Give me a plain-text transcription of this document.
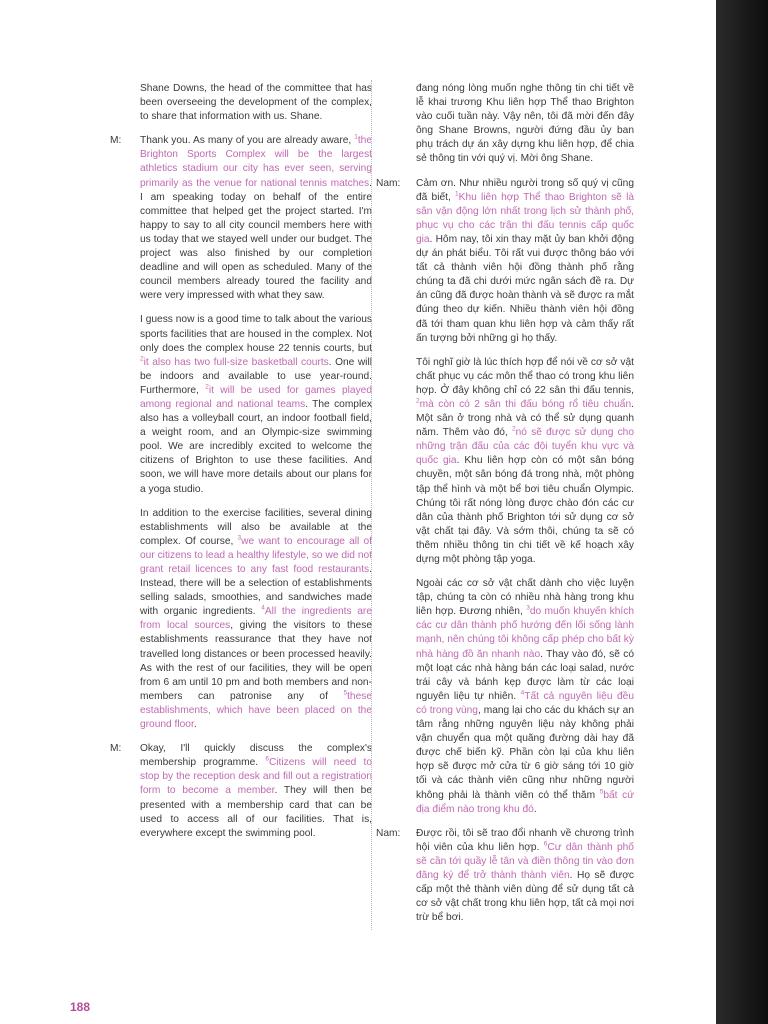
Shane Downs, the head of the committee that has been overseeing the development of the complex, to share that information with us. Shane.

M:	Thank you. As many of you are already aware, $^1$the Brighton Sports Complex will be the largest athletics stadium our city has ever seen, serving primarily as the venue for national tennis matches. I am speaking today on behalf of the entire committee that helped get the project started. I'm happy to say to all city council members here with us today that we stayed well under our budget. The project was also finished by our completion deadline and will open as scheduled. Many of the council members already toured the facility and were very impressed with what they saw.

I guess now is a good time to talk about the various sports facilities that are housed in the complex. Not only does the complex house 22 tennis courts, but $^2$it also has two full-size basketball courts. One will be indoors and available to use year-round. Furthermore, $^2$it will be used for games played among regional and national teams. The complex also has a volleyball court, an indoor football field, a weight room, and an Olympic-size swimming pool. We are incredibly excited to welcome the citizens of Brighton to use these facilities. And soon, we will have more details about our plans for a yoga studio.

In addition to the exercise facilities, several dining establishments will also be available at the complex. Of course, $^3$we want to encourage all of our citizens to lead a healthy lifestyle, so we did not grant retail licences to any fast food restaurants. Instead, there will be a selection of establishments selling salads, smoothies, and sandwiches made with organic ingredients. $^4$All the ingredients are from local sources, giving the visitors to these establishments reassurance that they have not travelled long distances or been processed heavily. As with the rest of our facilities, they will be open from 6 am until 10 pm and both members and non-members can patronise any of $^5$these establishments, which have been placed on the ground floor.

M:	Okay, I'll quickly discuss the complex's membership programme. $^6$Citizens will need to stop by the reception desk and fill out a registration form to become a member. They will then be presented with a membership card that can be used to access all of our facilities. That is, everywhere except the swimming pool.

đang nóng lòng muốn nghe thông tin chi tiết về lễ khai trương Khu liên hợp Thể thao Brighton vào cuối tuần này. Vậy nên, tôi đã mời đến đây ông Shane Browns, người đứng đầu ủy ban phụ trách dự án xây dựng khu liên hợp, để chia sẻ thông tin với quý vị. Mời ông Shane.

Nam:	Cảm ơn. Như nhiều người trong số quý vị cũng đã biết, $^1$Khu liên hợp Thể thao Brighton sẽ là sân vận động lớn nhất trong lịch sử thành phố, phục vụ cho các trận thi đấu tennis cấp quốc gia. Hôm nay, tôi xin thay mặt ủy ban khởi động dự án phát biểu. Tôi rất vui được thông báo với tất cả thành viên hội đồng thành phố rằng chúng ta đã chi dưới mức ngân sách đề ra. Dự án cũng đã được hoàn thành và sẽ được ra mắt đúng theo dự kiến. Nhiều thành viên hội đồng đã tới tham quan khu liên hợp và cảm thấy rất ấn tượng bởi những gì họ thấy.

Tôi nghĩ giờ là lúc thích hợp để nói về cơ sở vật chất phục vụ các môn thể thao có trong khu liên hợp. Ở đây không chỉ có 22 sân thi đấu tennis, $^2$mà còn có 2 sân thi đấu bóng rổ tiêu chuẩn. Một sân ở trong nhà và có thể sử dụng quanh năm. Thêm vào đó, $^2$nó sẽ được sử dụng cho những trận đấu của các đội tuyển khu vực và quốc gia. Khu liên hợp còn có một sân bóng chuyền, một sân bóng đá trong nhà, một phòng tập thể hình và một bể bơi tiêu chuẩn Olympic. Chúng tôi rất nóng lòng được chào đón các cư dân của thành phố Brighton tới sử dụng cơ sở vật chất tại đây. Và sớm thôi, chúng ta sẽ có thêm nhiều thông tin chi tiết về kế hoạch xây dựng một phòng tập yoga.

Ngoài các cơ sở vật chất dành cho việc luyện tập, chúng ta còn có nhiều nhà hàng trong khu liên hợp. Đương nhiên, $^3$do muốn khuyến khích các cư dân thành phố hướng đến lối sống lành mạnh, nên chúng tôi không cấp phép cho bất kỳ nhà hàng đồ ăn nhanh nào. Thay vào đó, sẽ có một loạt các nhà hàng bán các loại salad, nước trái cây và bánh kẹp được làm từ các loại nguyên liệu tự nhiên. $^4$Tất cả nguyên liệu đều có trong vùng, mang lại cho các du khách sự an tâm rằng những nguyên liệu này không phải vận chuyển qua một quãng đường dài hay đã được chế biến kỹ. Phần còn lại của khu liên hợp sẽ được mở cửa từ 6 giờ sáng tới 10 giờ tối và các thành viên cũng như những người không phải là thành viên có thể thăm $^5$bất cứ địa điểm nào trong khu đó.

Nam:	Được rồi, tôi sẽ trao đổi nhanh về chương trình hội viên của khu liên hợp. $^6$Cư dân thành phố sẽ cần tới quầy lễ tân và điền thông tin vào đơn đăng ký để trở thành thành viên. Họ sẽ được cấp một thẻ thành viên dùng để sử dụng tất cả cơ sở vật chất trong khu liên hợp, tất cả mọi nơi trừ bể bơi.
188
